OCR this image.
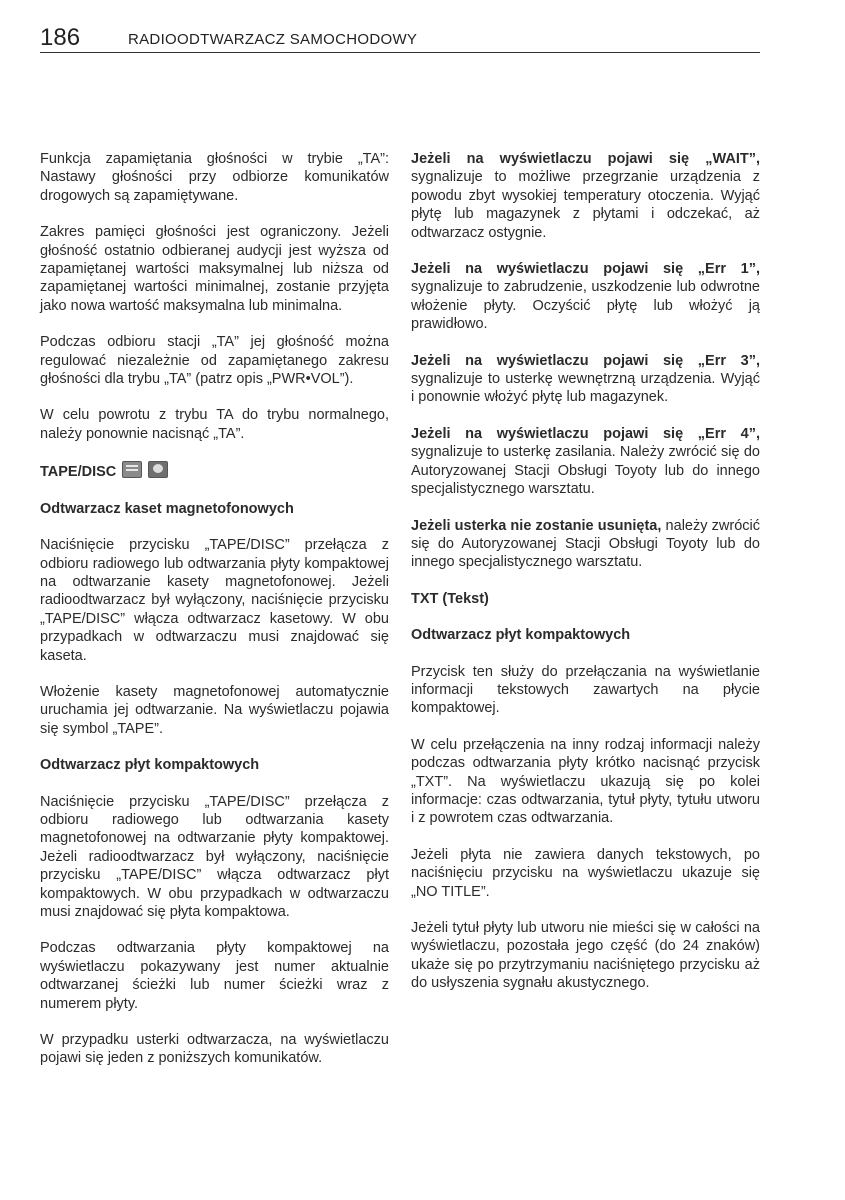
186	RADIOODTWARZACZ SAMOCHODOWY

Funkcja zapamiętania głośności w trybie „TA”: Nastawy głośności przy odbiorze komunikatów drogowych są zapamiętywane.

Zakres pamięci głośności jest ograniczony. Jeżeli głośność ostatnio odbieranej audycji jest wyższa od zapamiętanej wartości maksymalnej lub niższa od zapamiętanej wartości minimalnej, zostanie przyjęta jako nowa wartość maksymalna lub minimalna.

Podczas odbioru stacji „TA” jej głośność można regulować niezależnie od zapamiętanego zakresu głośności dla trybu „TA” (patrz opis „PWR•VOL”).

W celu powrotu z trybu TA do trybu normalnego, należy ponownie nacisnąć „TA”.

TAPE/DISC
Odtwarzacz kaset magnetofonowych

Naciśnięcie przycisku „TAPE/DISC” przełącza z odbioru radiowego lub odtwarzania płyty kompaktowej na odtwarzanie kasety magnetofonowej. Jeżeli radioodtwarzacz był wyłączony, naciśnięcie przycisku „TAPE/DISC” włącza odtwarzacz kasetowy. W obu przypadkach w odtwarzaczu musi znajdować się kaseta.

Włożenie kasety magnetofonowej automatycznie uruchamia jej odtwarzanie. Na wyświetlaczu pojawia się symbol „TAPE”.

Odtwarzacz płyt kompaktowych

Naciśnięcie przycisku „TAPE/DISC” przełącza z odbioru radiowego lub odtwarzania kasety magnetofonowej na odtwarzanie płyty kompaktowej. Jeżeli radioodtwarzacz był wyłączony, naciśnięcie przycisku „TAPE/DISC” włącza odtwarzacz płyt kompaktowych. W obu przypadkach w odtwarzaczu musi znajdować się płyta kompaktowa.

Podczas odtwarzania płyty kompaktowej na wyświetlaczu pokazywany jest numer aktualnie odtwarzanej ścieżki lub numer ścieżki wraz z numerem płyty.

W przypadku usterki odtwarzacza, na wyświetlaczu pojawi się jeden z poniższych komunikatów.

Jeżeli na wyświetlaczu pojawi się „WAIT”, sygnalizuje to możliwe przegrzanie urządzenia z powodu zbyt wysokiej temperatury otoczenia. Wyjąć płytę lub magazynek z płytami i odczekać, aż odtwarzacz ostygnie.

Jeżeli na wyświetlaczu pojawi się „Err 1”, sygnalizuje to zabrudzenie, uszkodzenie lub odwrotne włożenie płyty. Oczyścić płytę lub włożyć ją prawidłowo.

Jeżeli na wyświetlaczu pojawi się „Err 3”, sygnalizuje to usterkę wewnętrzną urządzenia. Wyjąć i ponownie włożyć płytę lub magazynek.

Jeżeli na wyświetlaczu pojawi się „Err 4”, sygnalizuje to usterkę zasilania. Należy zwrócić się do Autoryzowanej Stacji Obsługi Toyoty lub do innego specjalistycznego warsztatu.

Jeżeli usterka nie zostanie usunięta, należy zwrócić się do Autoryzowanej Stacji Obsługi Toyoty lub do innego specjalistycznego warsztatu.

TXT (Tekst)
Odtwarzacz płyt kompaktowych

Przycisk ten służy do przełączania na wyświetlanie informacji tekstowych zawartych na płycie kompaktowej.

W celu przełączenia na inny rodzaj informacji należy podczas odtwarzania płyty krótko nacisnąć przycisk „TXT”. Na wyświetlaczu ukazują się po kolei informacje: czas odtwarzania, tytuł płyty, tytułu utworu i z powrotem czas odtwarzania.

Jeżeli płyta nie zawiera danych tekstowych, po naciśnięciu przycisku na wyświetlaczu ukazuje się „NO TITLE”.

Jeżeli tytuł płyty lub utworu nie mieści się w całości na wyświetlaczu, pozostała jego część (do 24 znaków) ukaże się po przytrzymaniu naciśniętego przycisku aż do usłyszenia sygnału akustycznego.
